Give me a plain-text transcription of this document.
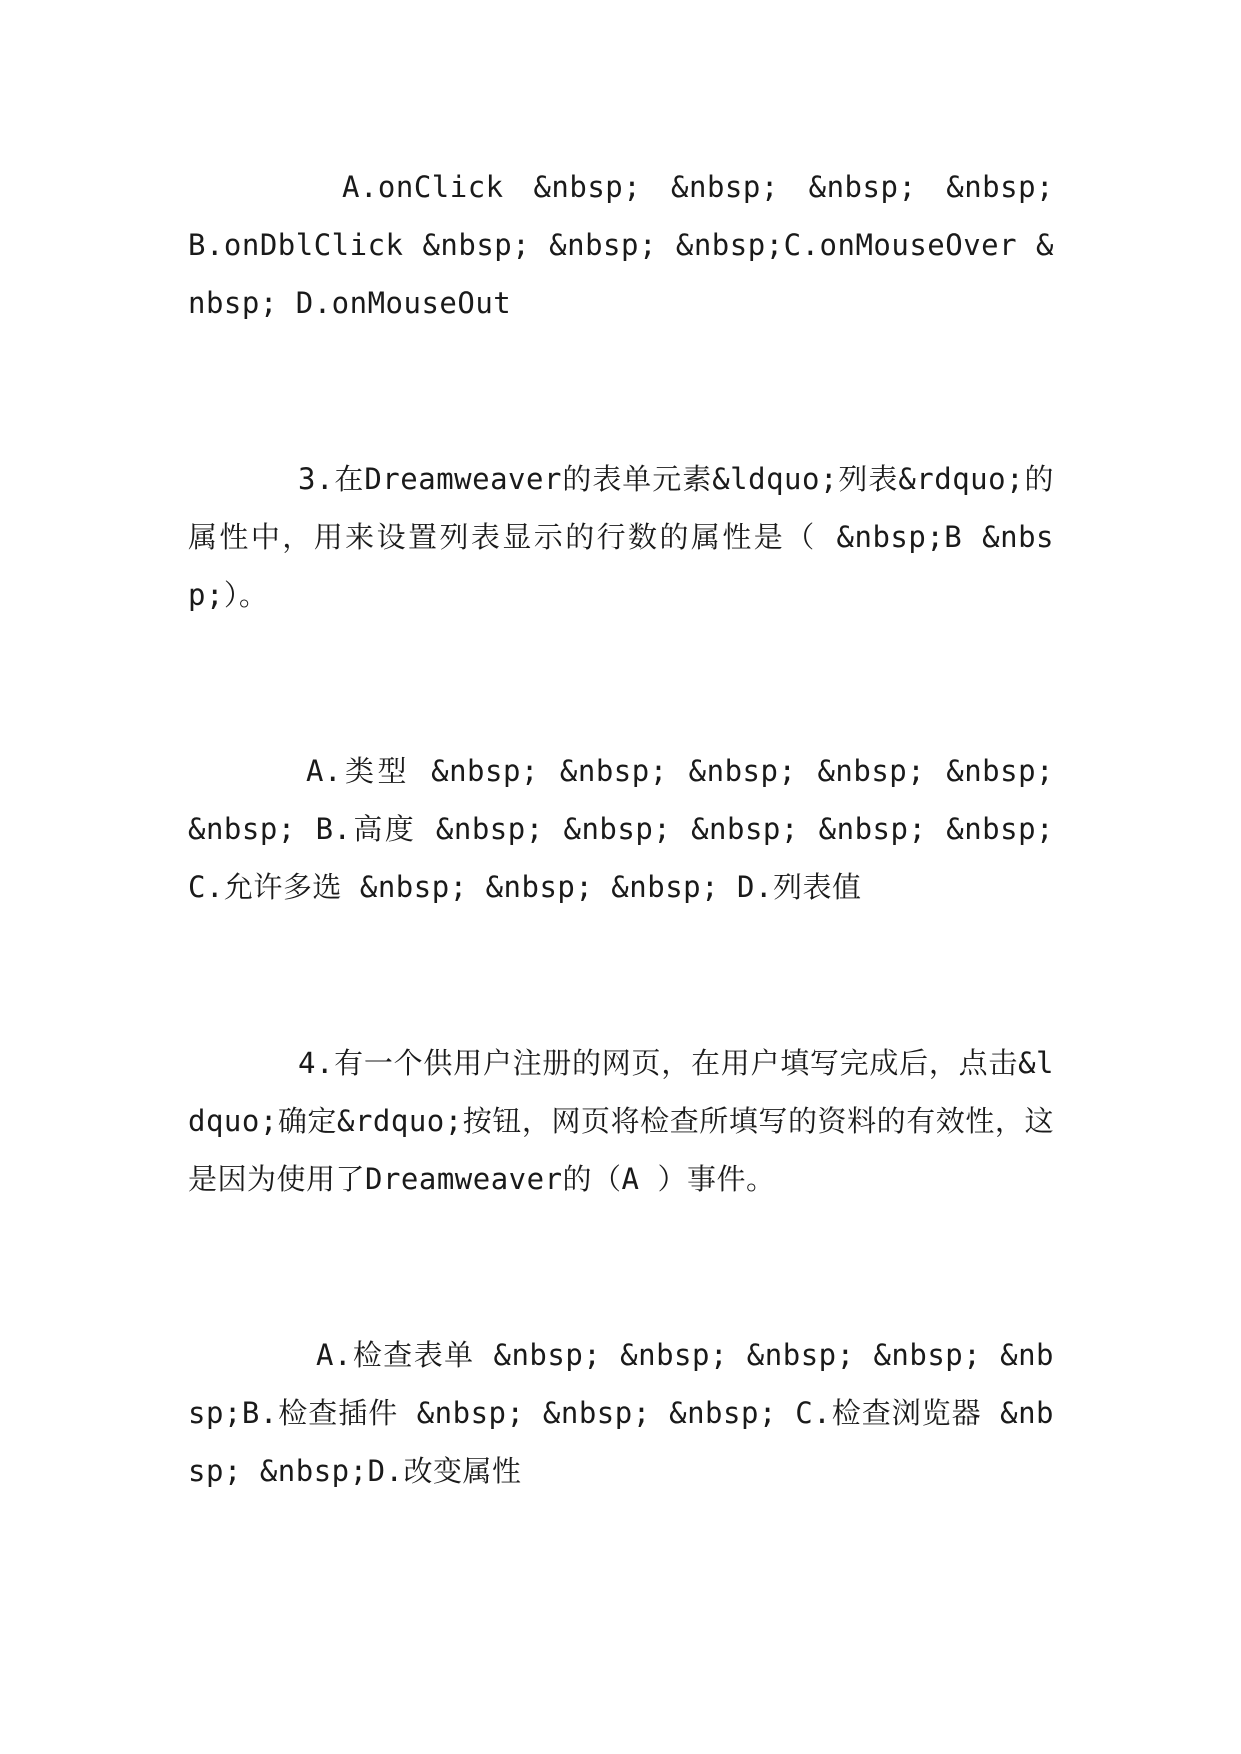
A.onClick &nbsp; &nbsp; &nbsp; &nbsp; B.onDblClick &nbsp; &nbsp; &nbsp;C.onMouseOver &nbsp; D.onMouseOut

3.在Dreamweaver的表单元素&ldquo;列表&rdquo;的属性中，用来设置列表显示的行数的属性是（ &nbsp;B &nbsp;）。

A.类型 &nbsp; &nbsp; &nbsp; &nbsp; &nbsp; &nbsp; B.高度 &nbsp; &nbsp; &nbsp; &nbsp; &nbsp;C.允许多选 &nbsp; &nbsp; &nbsp; D.列表值

4.有一个供用户注册的网页，在用户填写完成后，点击&ldquo;确定&rdquo;按钮，网页将检查所填写的资料的有效性，这是因为使用了Dreamweaver的（A ）事件。

A.检查表单 &nbsp; &nbsp; &nbsp; &nbsp; &nbsp;B.检查插件 &nbsp; &nbsp; &nbsp; C.检查浏览器 &nbsp; &nbsp;D.改变属性
